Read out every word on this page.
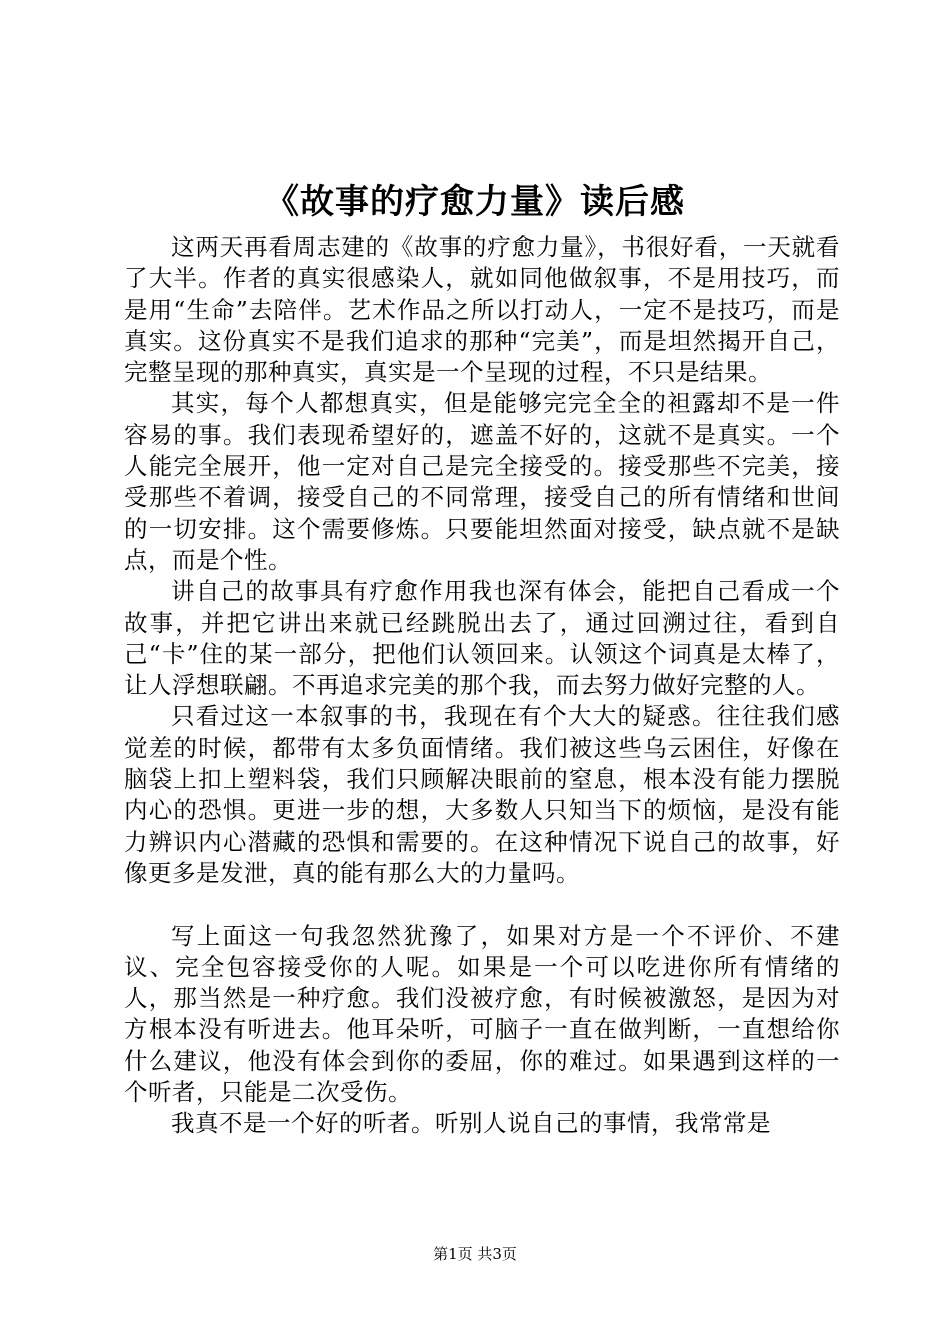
《故事的疗愈力量》读后感

这两天再看周志建的《故事的疗愈力量》，书很好看，一天就看了大半。作者的真实很感染人，就如同他做叙事，不是用技巧，而是用“生命”去陪伴。艺术作品之所以打动人，一定不是技巧，而是真实。这份真实不是我们追求的那种“完美”，而是坦然揭开自己，完整呈现的那种真实，真实是一个呈现的过程，不只是结果。

其实，每个人都想真实，但是能够完完全全的袒露却不是一件容易的事。我们表现希望好的，遮盖不好的，这就不是真实。一个人能完全展开，他一定对自己是完全接受的。接受那些不完美，接受那些不着调，接受自己的不同常理，接受自己的所有情绪和世间的一切安排。这个需要修炼。只要能坦然面对接受，缺点就不是缺点，而是个性。

讲自己的故事具有疗愈作用我也深有体会，能把自己看成一个故事，并把它讲出来就已经跳脱出去了，通过回溯过往，看到自己“卡”住的某一部分，把他们认领回来。认领这个词真是太棒了，让人浮想联翩。不再追求完美的那个我，而去努力做好完整的人。

只看过这一本叙事的书，我现在有个大大的疑惑。往往我们感觉差的时候，都带有太多负面情绪。我们被这些乌云困住，好像在脑袋上扣上塑料袋，我们只顾解决眼前的窒息，根本没有能力摆脱内心的恐惧。更进一步的想，大多数人只知当下的烦恼，是没有能力辨识内心潜藏的恐惧和需要的。在这种情况下说自己的故事，好像更多是发泄，真的能有那么大的力量吗。

写上面这一句我忽然犹豫了，如果对方是一个不评价、不建议、完全包容接受你的人呢。如果是一个可以吃进你所有情绪的人，那当然是一种疗愈。我们没被疗愈，有时候被激怒，是因为对方根本没有听进去。他耳朵听，可脑子一直在做判断，一直想给你什么建议，他没有体会到你的委屈，你的难过。如果遇到这样的一个听者，只能是二次受伤。

我真不是一个好的听者。听别人说自己的事情，我常常是

第1页 共3页
